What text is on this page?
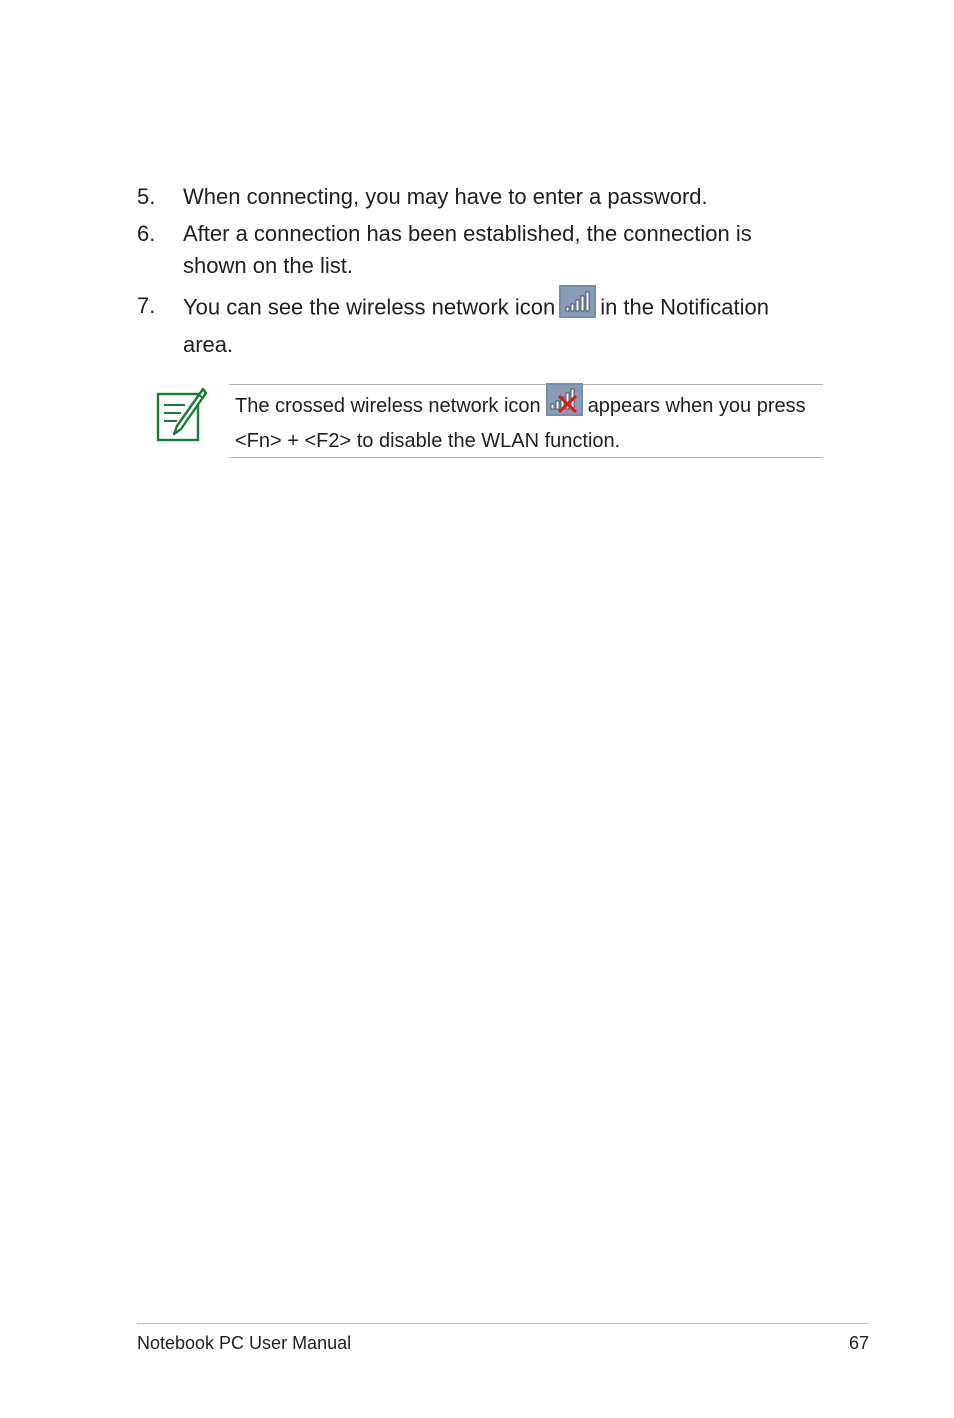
5. When connecting, you may have to enter a password.
6. After a connection has been established, the connection is shown on the list.
7. You can see the wireless network icon in the Notification area.
The crossed wireless network icon appears when you press <Fn> + <F2> to disable the WLAN function.
Notebook PC User Manual	67
